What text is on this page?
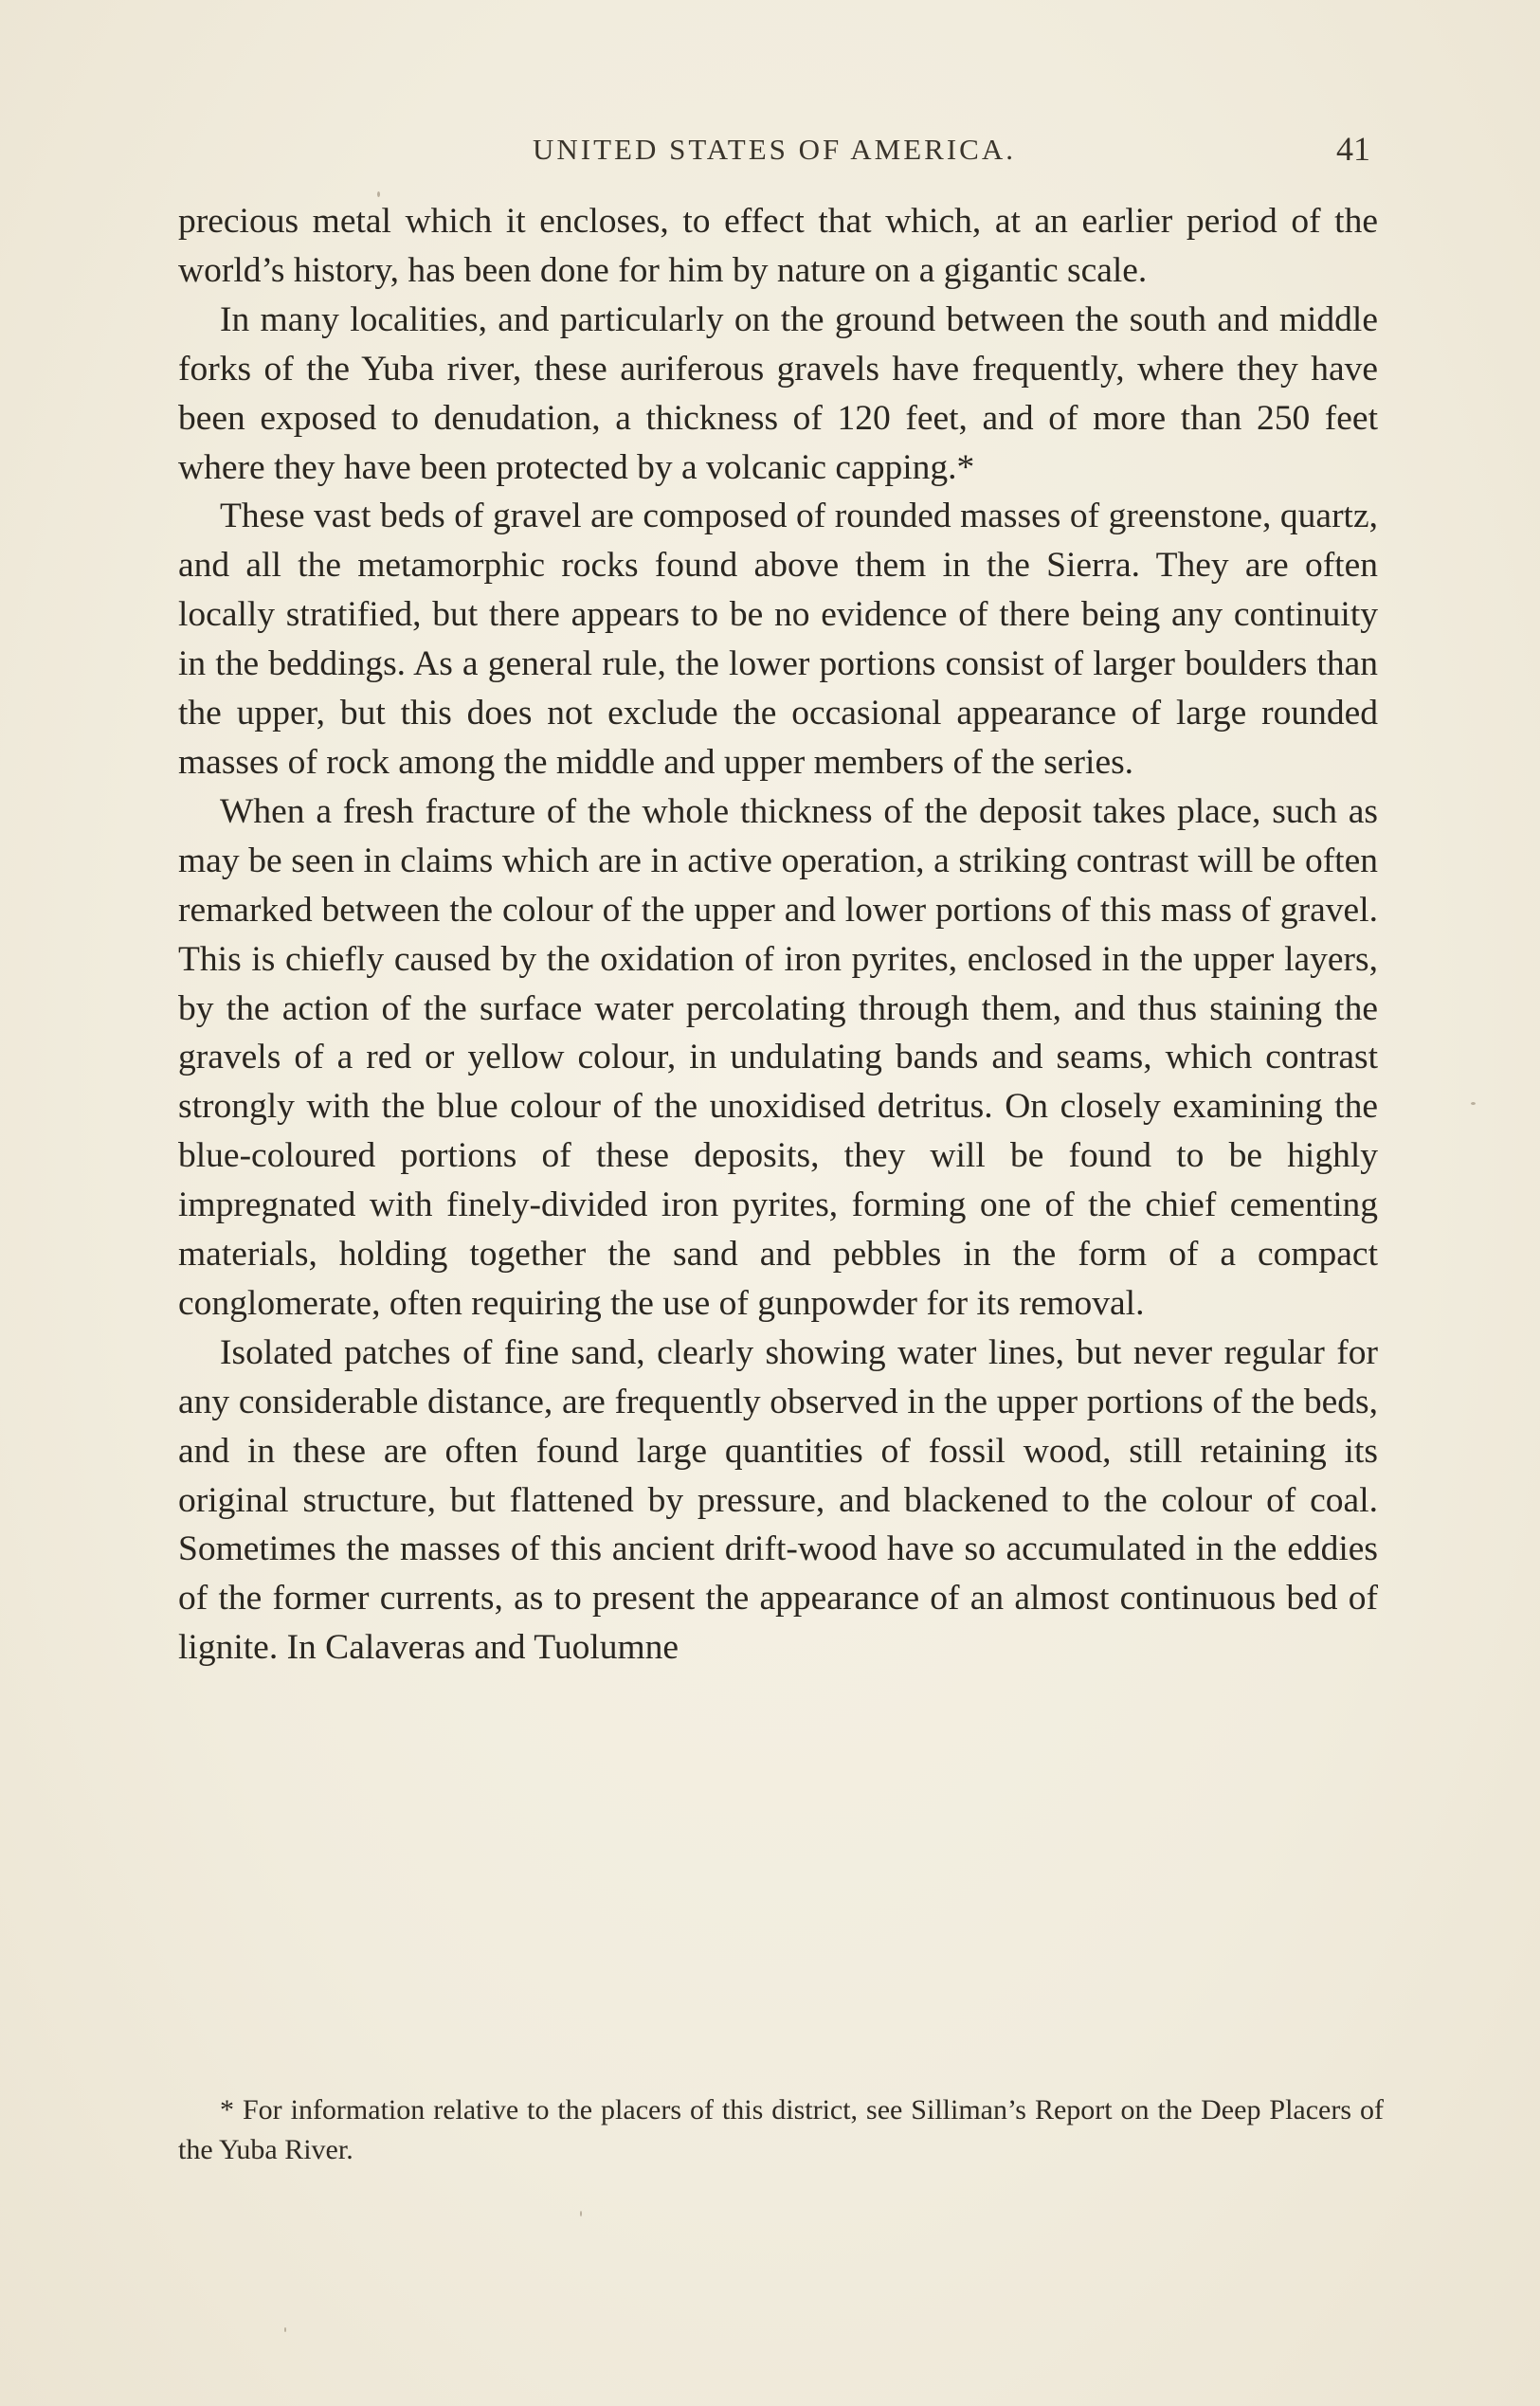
UNITED STATES OF AMERICA.	41

precious metal which it encloses, to effect that which, at an earlier period of the world’s history, has been done for him by nature on a gigantic scale.

In many localities, and particularly on the ground between the south and middle forks of the Yuba river, these auriferous gravels have frequently, where they have been exposed to denudation, a thickness of 120 feet, and of more than 250 feet where they have been protected by a volcanic capping.*

These vast beds of gravel are composed of rounded masses of greenstone, quartz, and all the metamorphic rocks found above them in the Sierra. They are often locally stratified, but there appears to be no evidence of there being any continuity in the beddings. As a general rule, the lower portions consist of larger boulders than the upper, but this does not exclude the occasional appearance of large rounded masses of rock among the middle and upper members of the series.

When a fresh fracture of the whole thickness of the deposit takes place, such as may be seen in claims which are in active operation, a striking contrast will be often remarked between the colour of the upper and lower portions of this mass of gravel. This is chiefly caused by the oxidation of iron pyrites, enclosed in the upper layers, by the action of the surface water percolating through them, and thus staining the gravels of a red or yellow colour, in undulating bands and seams, which contrast strongly with the blue colour of the unoxidised detritus. On closely examining the blue-coloured portions of these deposits, they will be found to be highly impregnated with finely-divided iron pyrites, forming one of the chief cementing materials, holding together the sand and pebbles in the form of a compact conglomerate, often requiring the use of gunpowder for its removal.

Isolated patches of fine sand, clearly showing water lines, but never regular for any considerable distance, are frequently observed in the upper portions of the beds, and in these are often found large quantities of fossil wood, still retaining its original structure, but flattened by pressure, and blackened to the colour of coal. Sometimes the masses of this ancient drift-wood have so accumulated in the eddies of the former currents, as to present the appearance of an almost continuous bed of lignite. In Calaveras and Tuolumne

* For information relative to the placers of this district, see Silliman’s Report on the Deep Placers of the Yuba River.
